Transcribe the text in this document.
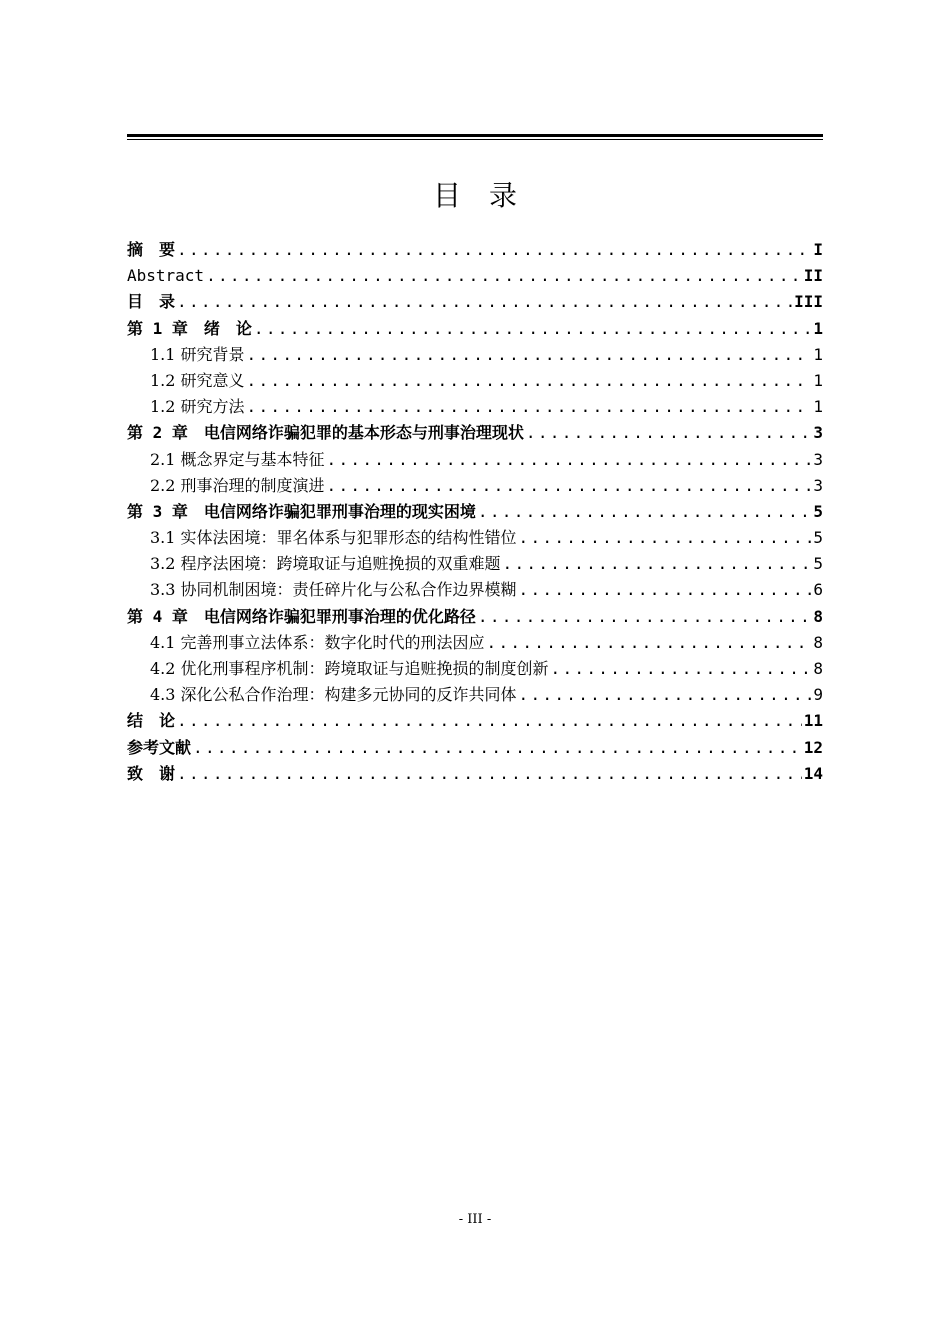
目　录
摘　要 .....	I
Abstract .....	II
目　录 .....	III
第 1 章　绪　论 .....	1
1.1 研究背景 .....	1
1.2 研究意义 .....	1
1.2 研究方法 .....	1
第 2 章　电信网络诈骗犯罪的基本形态与刑事治理现状 .....	3
2.1 概念界定与基本特征 .....	3
2.2 刑事治理的制度演进 .....	3
第 3 章　电信网络诈骗犯罪刑事治理的现实困境 .....	5
3.1 实体法困境：罪名体系与犯罪形态的结构性错位 .....	5
3.2 程序法困境：跨境取证与追赃挽损的双重难题 .....	5
3.3 协同机制困境：责任碎片化与公私合作边界模糊 .....	6
第 4 章　电信网络诈骗犯罪刑事治理的优化路径 .....	8
4.1 完善刑事立法体系：数字化时代的刑法因应 .....	8
4.2 优化刑事程序机制：跨境取证与追赃挽损的制度创新 .....	8
4.3 深化公私合作治理：构建多元协同的反诈共同体 .....	9
结　论 .....	11
参考文献 .....	12
致　谢 .....	14
- III -
